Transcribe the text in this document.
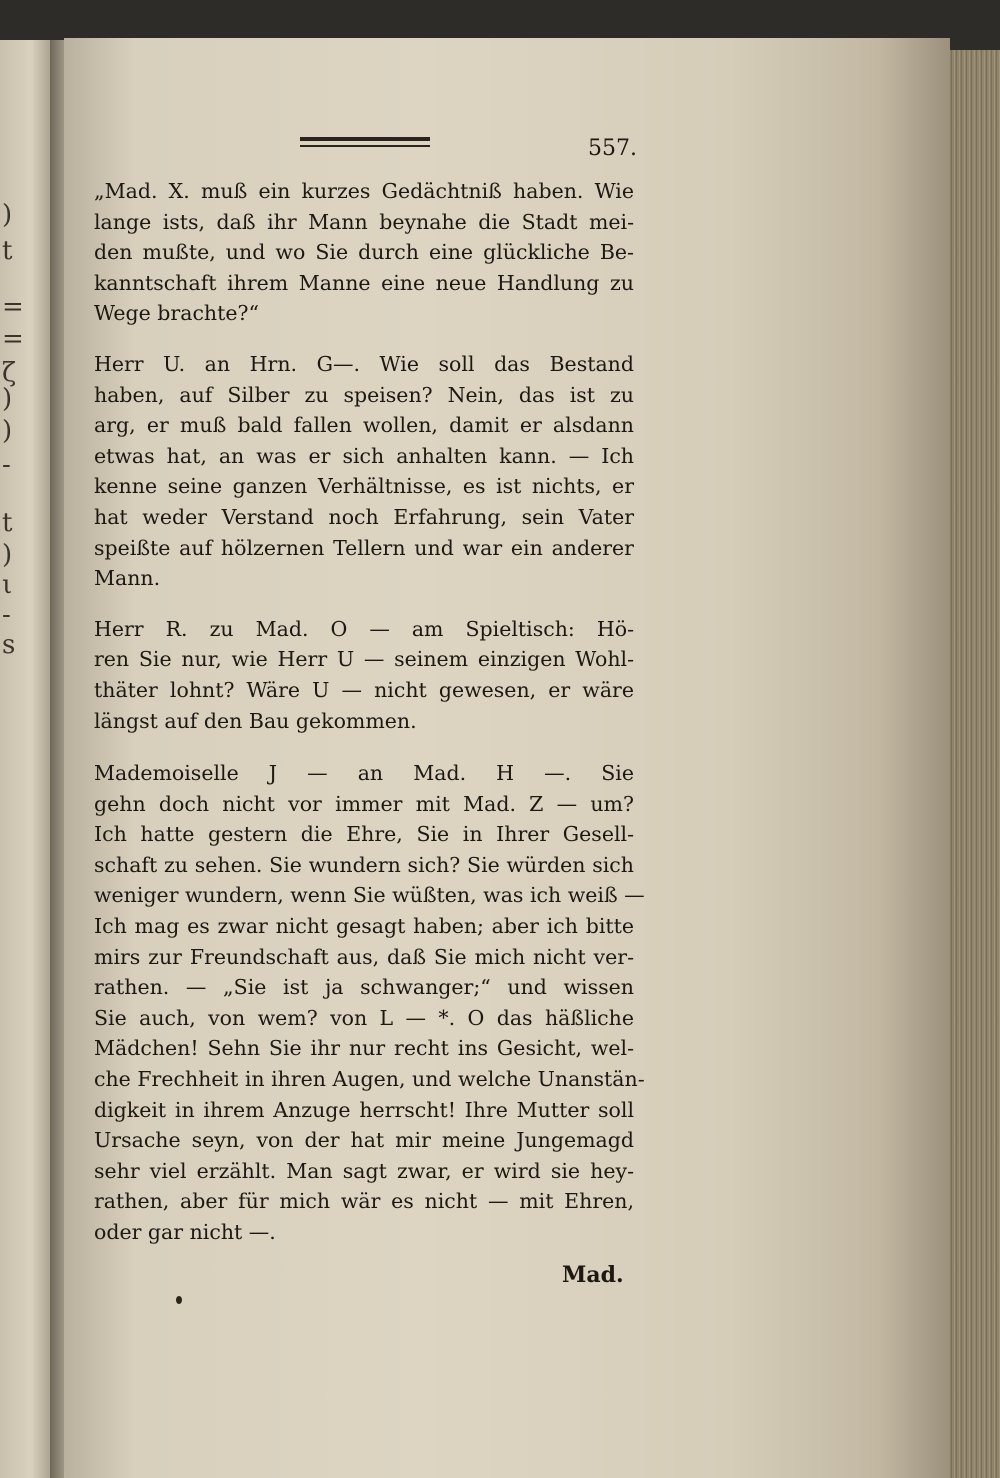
)
t
=
=
ζ
)
)
-
t
)
ι
-
s
557.

„Mad. X. muß ein kurzes Gedächtniß haben. Wie
lange ists, daß ihr Mann beynahe die Stadt mei-
den mußte, und wo Sie durch eine glückliche Be-
kanntschaft ihrem Manne eine neue Handlung zu
Wege brachte?“

Herr U. an Hrn. G—. Wie soll das Bestand
haben, auf Silber zu speisen? Nein, das ist zu
arg, er muß bald fallen wollen, damit er alsdann
etwas hat, an was er sich anhalten kann. — Ich
kenne seine ganzen Verhältnisse, es ist nichts, er
hat weder Verstand noch Erfahrung, sein Vater
speißte auf hölzernen Tellern und war ein anderer
Mann.

Herr R. zu Mad. O — am Spieltisch: Hö-
ren Sie nur, wie Herr U — seinem einzigen Wohl-
thäter lohnt? Wäre U — nicht gewesen, er wäre
längst auf den Bau gekommen.

Mademoiselle J — an Mad. H —. Sie
gehn doch nicht vor immer mit Mad. Z — um?
Ich hatte gestern die Ehre, Sie in Ihrer Gesell-
schaft zu sehen. Sie wundern sich? Sie würden sich
weniger wundern, wenn Sie wüßten, was ich weiß —
Ich mag es zwar nicht gesagt haben; aber ich bitte
mirs zur Freundschaft aus, daß Sie mich nicht ver-
rathen. — „Sie ist ja schwanger;“ und wissen
Sie auch, von wem? von L — *. O das häßliche
Mädchen! Sehn Sie ihr nur recht ins Gesicht, wel-
che Frechheit in ihren Augen, und welche Unanstän-
digkeit in ihrem Anzuge herrscht! Ihre Mutter soll
Ursache seyn, von der hat mir meine Jungemagd
sehr viel erzählt. Man sagt zwar, er wird sie hey-
rathen, aber für mich wär es nicht — mit Ehren,
oder gar nicht —.

Mad.
